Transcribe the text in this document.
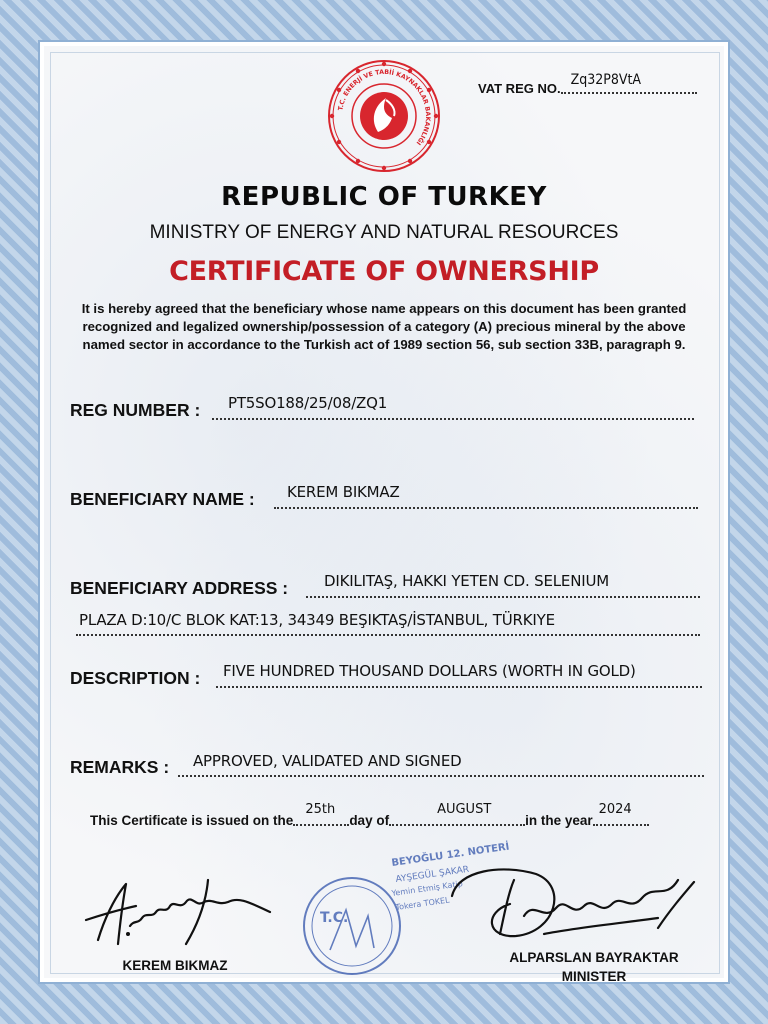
T.C. ENERJİ VE TABİİ KAYNAKLAR BAKANLIĞI
VAT REG NO.
Zq32P8VtA
REPUBLIC OF TURKEY
MINISTRY OF ENERGY AND NATURAL RESOURCES
CERTIFICATE OF OWNERSHIP
It is hereby agreed that the beneficiary whose name appears on this document has been granted recognized and legalized ownership/possession of a category (A) precious mineral by the above named sector in accordance to the Turkish act of 1989 section 56, sub section 33B, paragraph 9.
REG NUMBER : PT5SO188/25/08/ZQ1
BENEFICIARY NAME : KEREM BIKMAZ
BENEFICIARY ADDRESS : DIKILITAŞ, HAKKI YETEN CD. SELENIUM
PLAZA D:10/C BLOK KAT:13, 34349 BEŞIKTAŞ/İSTANBUL, TÜRKIYE
DESCRIPTION : FIVE HUNDRED THOUSAND DOLLARS (WORTH IN GOLD)
REMARKS : APPROVED, VALIDATED AND SIGNED
This Certificate is issued on the
25th
day of
AUGUST
in the year
2024
T.C.
BEYOĞLU 12. NOTERİ
AYŞEGÜL ŞAKAR
Yemin Etmiş Katip
Tokera TOKEL
KEREM BIKMAZ
ALPARSLAN BAYRAKTAR
MINISTER
